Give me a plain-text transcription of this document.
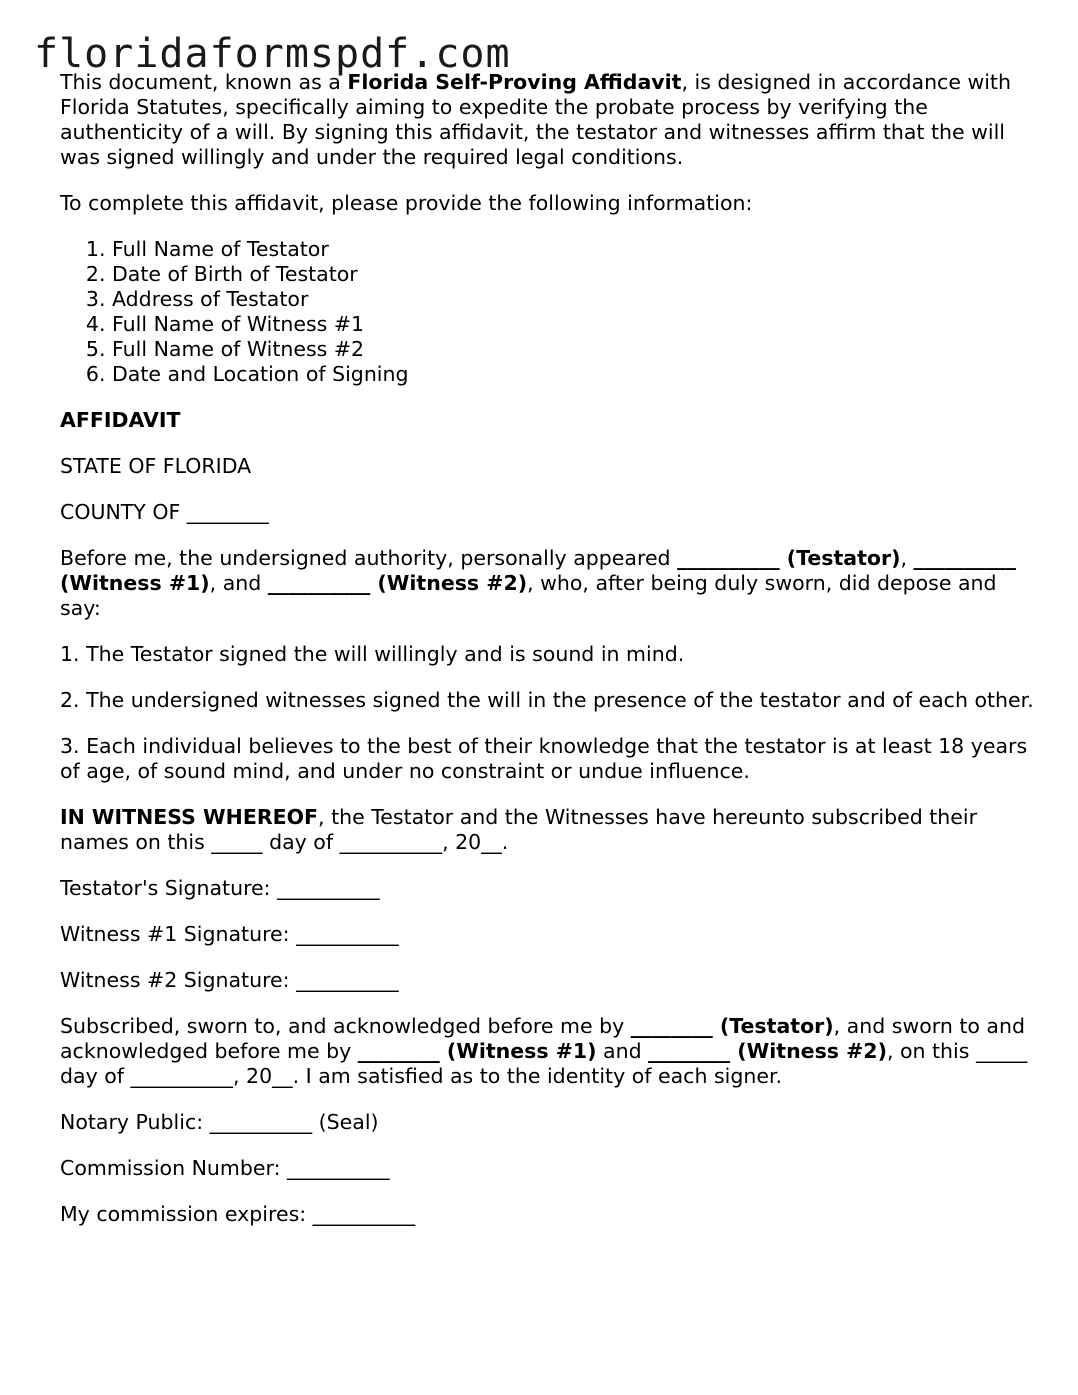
floridaformspdf.com

This document, known as a Florida Self-Proving Affidavit, is designed in accordance with Florida Statutes, specifically aiming to expedite the probate process by verifying the authenticity of a will. By signing this affidavit, the testator and witnesses affirm that the will was signed willingly and under the required legal conditions.

To complete this affidavit, please provide the following information:

1. Full Name of Testator
2. Date of Birth of Testator
3. Address of Testator
4. Full Name of Witness #1
5. Full Name of Witness #2
6. Date and Location of Signing

AFFIDAVIT

STATE OF FLORIDA

COUNTY OF ________

Before me, the undersigned authority, personally appeared __________ (Testator), __________ (Witness #1), and __________ (Witness #2), who, after being duly sworn, did depose and say:

1. The Testator signed the will willingly and is sound in mind.

2. The undersigned witnesses signed the will in the presence of the testator and of each other.

3. Each individual believes to the best of their knowledge that the testator is at least 18 years of age, of sound mind, and under no constraint or undue influence.

IN WITNESS WHEREOF, the Testator and the Witnesses have hereunto subscribed their names on this _____ day of __________, 20__.

Testator's Signature: __________

Witness #1 Signature: __________

Witness #2 Signature: __________

Subscribed, sworn to, and acknowledged before me by ________ (Testator), and sworn to and acknowledged before me by ________ (Witness #1) and ________ (Witness #2), on this _____ day of __________, 20__. I am satisfied as to the identity of each signer.

Notary Public: __________ (Seal)

Commission Number: __________

My commission expires: __________
